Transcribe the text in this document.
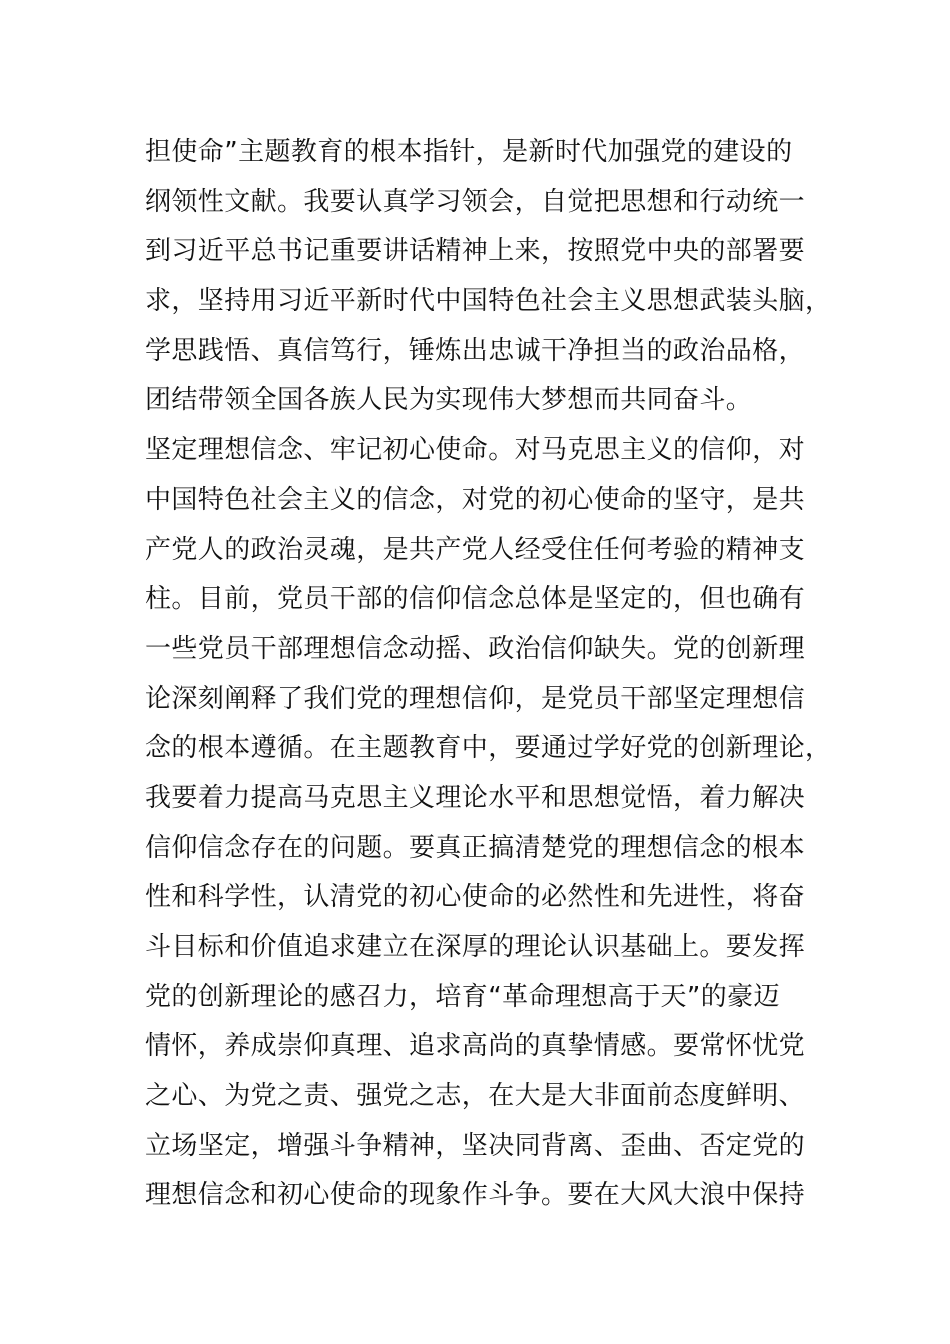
担使命”主题教育的根本指针，是新时代加强党的建设的
纲领性文献。我要认真学习领会，自觉把思想和行动统一
到习近平总书记重要讲话精神上来，按照党中央的部署要
求，坚持用习近平新时代中国特色社会主义思想武装头脑，
学思践悟、真信笃行，锤炼出忠诚干净担当的政治品格，
团结带领全国各族人民为实现伟大梦想而共同奋斗。
坚定理想信念、牢记初心使命。对马克思主义的信仰，对
中国特色社会主义的信念，对党的初心使命的坚守，是共
产党人的政治灵魂，是共产党人经受住任何考验的精神支
柱。目前，党员干部的信仰信念总体是坚定的，但也确有
一些党员干部理想信念动摇、政治信仰缺失。党的创新理
论深刻阐释了我们党的理想信仰，是党员干部坚定理想信
念的根本遵循。在主题教育中，要通过学好党的创新理论，
我要着力提高马克思主义理论水平和思想觉悟，着力解决
信仰信念存在的问题。要真正搞清楚党的理想信念的根本
性和科学性，认清党的初心使命的必然性和先进性，将奋
斗目标和价值追求建立在深厚的理论认识基础上。要发挥
党的创新理论的感召力，培育“革命理想高于天”的豪迈
情怀，养成崇仰真理、追求高尚的真挚情感。要常怀忧党
之心、为党之责、强党之志，在大是大非面前态度鲜明、
立场坚定，增强斗争精神，坚决同背离、歪曲、否定党的
理想信念和初心使命的现象作斗争。要在大风大浪中保持
